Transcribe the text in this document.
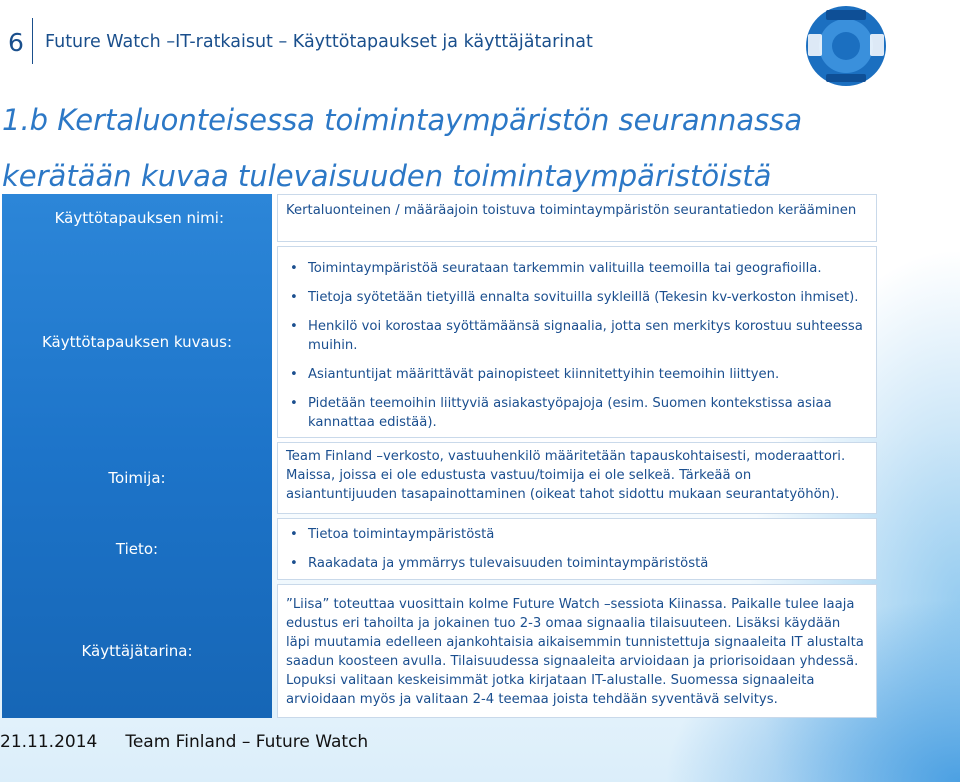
6 Future Watch –IT-ratkaisut – Käyttötapaukset ja käyttäjätarinat
1.b Kertaluonteisessa toimintaympäristön seurannassa
kerätään kuvaa tulevaisuuden toimintaympäristöistä
Käyttötapauksen nimi:
Käyttötapauksen kuvaus:
Toimija:
Tieto:
Käyttäjätarina:

Kertaluonteinen / määräajoin toistuva toimintaympäristön seurantatiedon kerääminen

• Toimintaympäristöä seurataan tarkemmin valituilla teemoilla tai geografioilla.
• Tietoja syötetään tietyillä ennalta sovituilla sykleillä (Tekesin kv-verkoston ihmiset).
• Henkilö voi korostaa syöttämäänsä signaalia, jotta sen merkitys korostuu suhteessa muihin.
• Asiantuntijat määrittävät painopisteet kiinnitettyihin teemoihin liittyen.
• Pidetään teemoihin liittyviä asiakastyöpajoja (esim. Suomen kontekstissa asiaa kannattaa edistää).

Team Finland –verkosto, vastuuhenkilö määritetään tapauskohtaisesti, moderaattori. Maissa, joissa ei ole edustusta vastuu/toimija ei ole selkeä. Tärkeää on asiantuntijuuden tasapainottaminen (oikeat tahot sidottu mukaan seurantatyöhön).

• Tietoa toimintaympäristöstä
• Raakadata ja ymmärrys tulevaisuuden toimintaympäristöstä

”Liisa” toteuttaa vuosittain kolme Future Watch –sessiota Kiinassa. Paikalle tulee laaja edustus eri tahoilta ja jokainen tuo 2-3 omaa signaalia tilaisuuteen. Lisäksi käydään läpi muutamia edelleen ajankohtaisia aikaisemmin tunnistettuja signaaleita IT alustalta saadun koosteen avulla. Tilaisuudessa signaaleita arvioidaan ja priorisoidaan yhdessä. Lopuksi valitaan keskeisimmät jotka kirjataan IT-alustalle. Suomessa signaaleita arvioidaan myös ja valitaan 2-4 teemaa joista tehdään syventävä selvitys.

21.11.2014 Team Finland – Future Watch
